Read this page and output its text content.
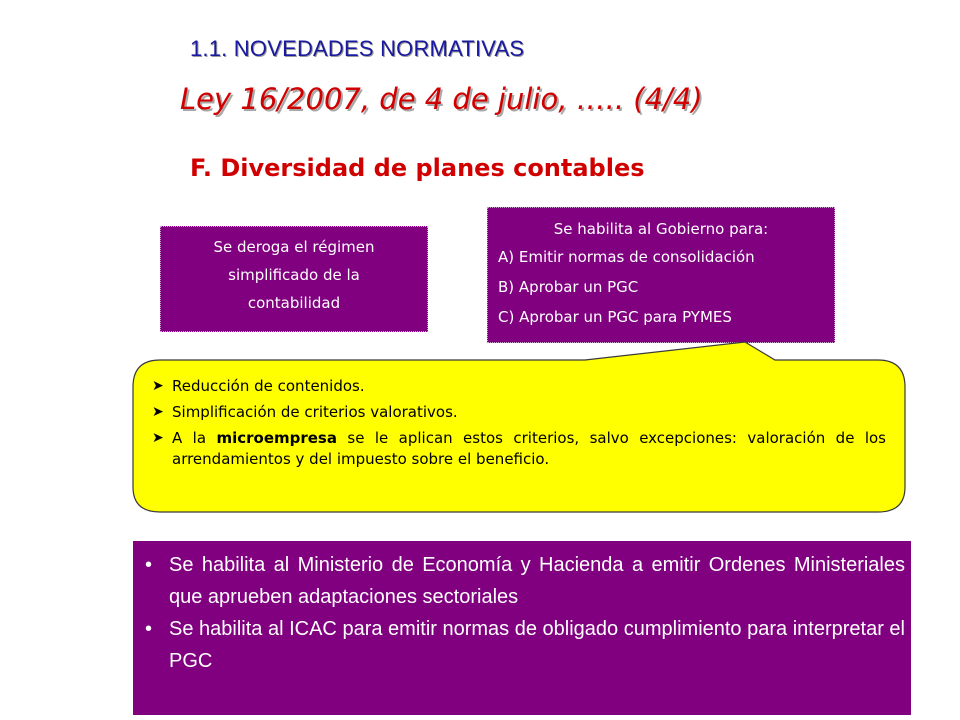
1.1. NOVEDADES NORMATIVAS
Ley 16/2007, de 4 de julio, ….. (4/4)
F. Diversidad de planes contables
Se deroga el régimen
simplificado de la
contabilidad
Se habilita al Gobierno para:
A) Emitir normas de consolidación
B) Aprobar un PGC
C) Aprobar un PGC para PYMES
➤ Reducción de contenidos.
➤ Simplificación de criterios valorativos.
➤ A la microempresa se le aplican estos criterios, salvo excepciones: valoración de los arrendamientos y del impuesto sobre el beneficio.
• Se habilita al Ministerio de Economía y Hacienda a emitir Ordenes Ministeriales que aprueben adaptaciones sectoriales
• Se habilita al ICAC para emitir normas de obligado cumplimiento para interpretar el PGC
